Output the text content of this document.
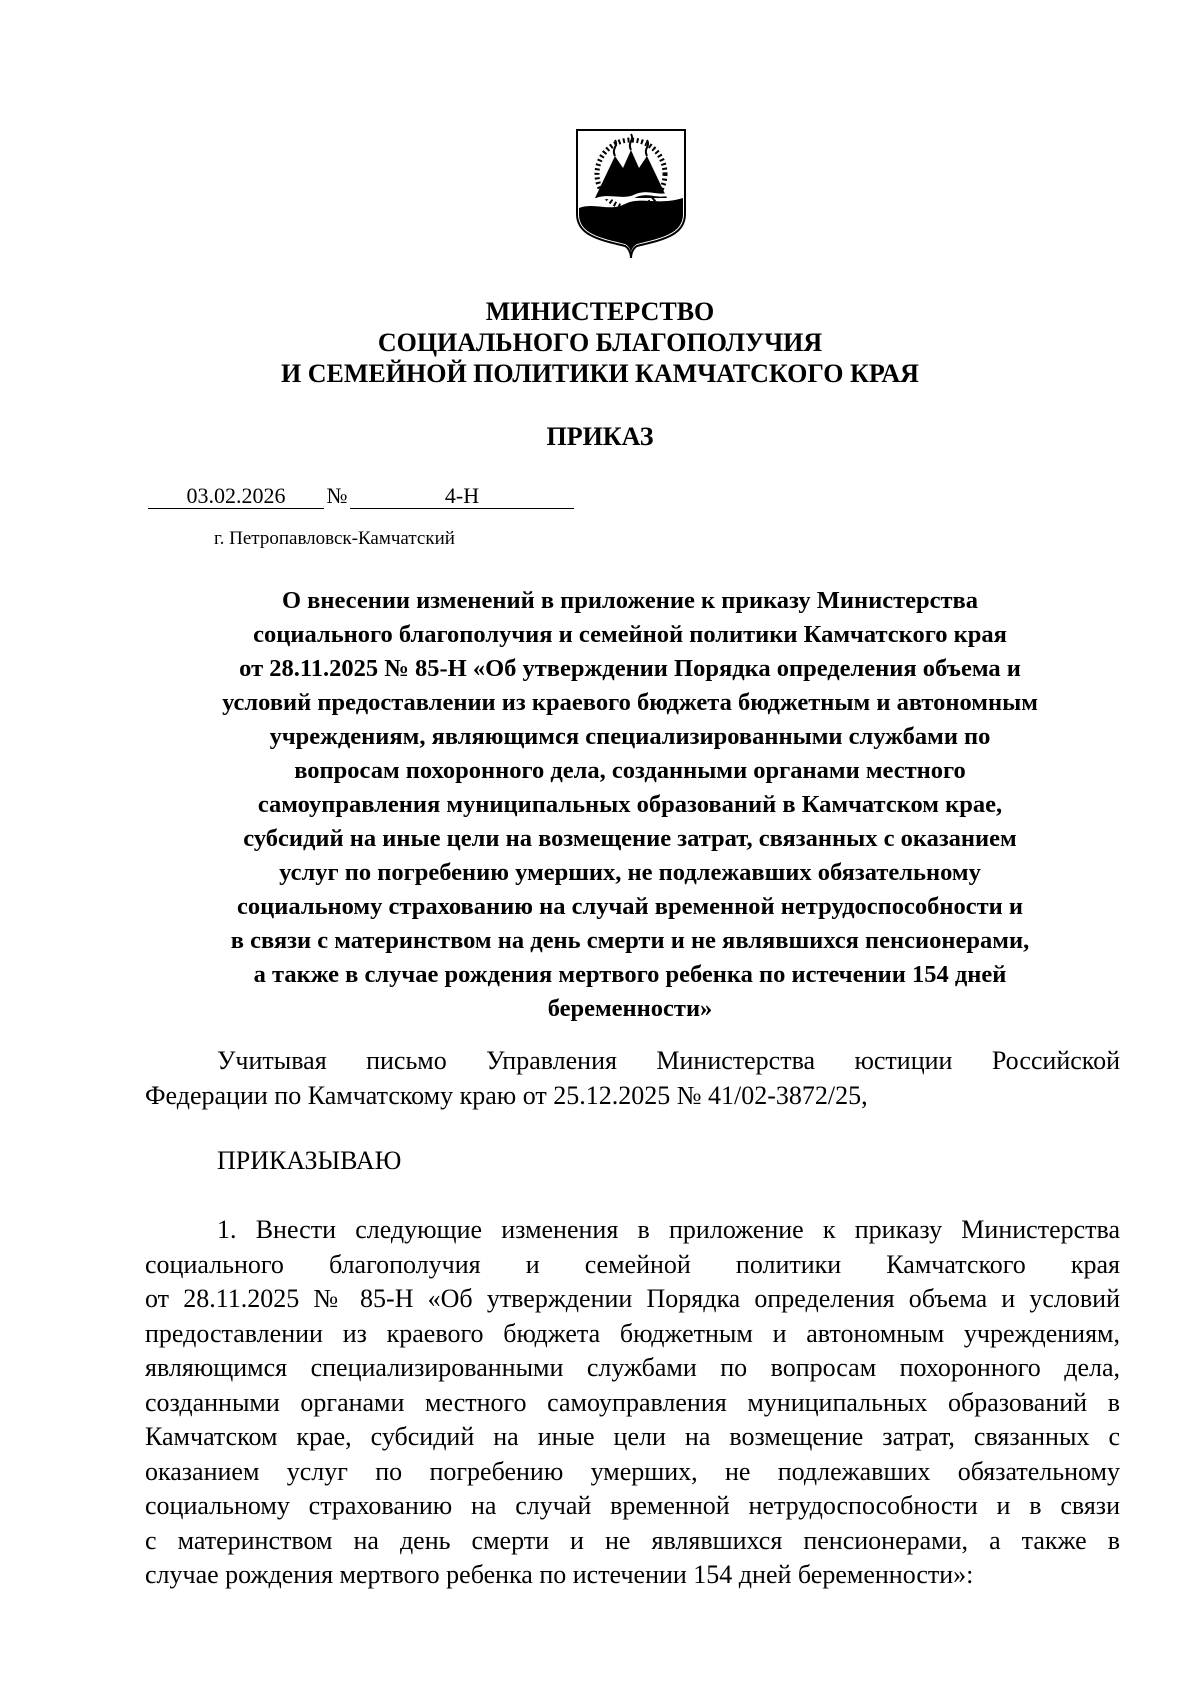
МИНИСТЕРСТВО
СОЦИАЛЬНОГО БЛАГОПОЛУЧИЯ
И СЕМЕЙНОЙ ПОЛИТИКИ КАМЧАТСКОГО КРАЯ
ПРИКАЗ
03.02.2026 №	4-Н
г. Петропавловск-Камчатский
О внесении изменений в приложение к приказу Министерства
социального благополучия и семейной политики Камчатского края
от 28.11.2025 № 85-Н «Об утверждении Порядка определения объема и
условий предоставлении из краевого бюджета бюджетным и автономным
учреждениям, являющимся специализированными службами по
вопросам похоронного дела, созданными органами местного
самоуправления муниципальных образований в Камчатском крае,
субсидий на иные цели на возмещение затрат, связанных с оказанием
услуг по погребению умерших, не подлежавших обязательному
социальному страхованию на случай временной нетрудоспособности и
в связи с материнством на день смерти и не являвшихся пенсионерами,
а также в случае рождения мертвого ребенка по истечении 154 дней
беременности»
Учитывая письмо Управления Министерства юстиции Российской
Федерации по Камчатскому краю от 25.12.2025 № 41/02-3872/25,
ПРИКАЗЫВАЮ
1. Внести следующие изменения в приложение к приказу Министерства
социального благополучия и семейной политики Камчатского края
от 28.11.2025 № 85-Н «Об утверждении Порядка определения объема и условий
предоставлении из краевого бюджета бюджетным и автономным учреждениям,
являющимся специализированными службами по вопросам похоронного дела,
созданными органами местного самоуправления муниципальных образований в
Камчатском крае, субсидий на иные цели на возмещение затрат, связанных с
оказанием услуг по погребению умерших, не подлежавших обязательному
социальному страхованию на случай временной нетрудоспособности и в связи
с материнством на день смерти и не являвшихся пенсионерами, а также в
случае рождения мертвого ребенка по истечении 154 дней беременности»:
